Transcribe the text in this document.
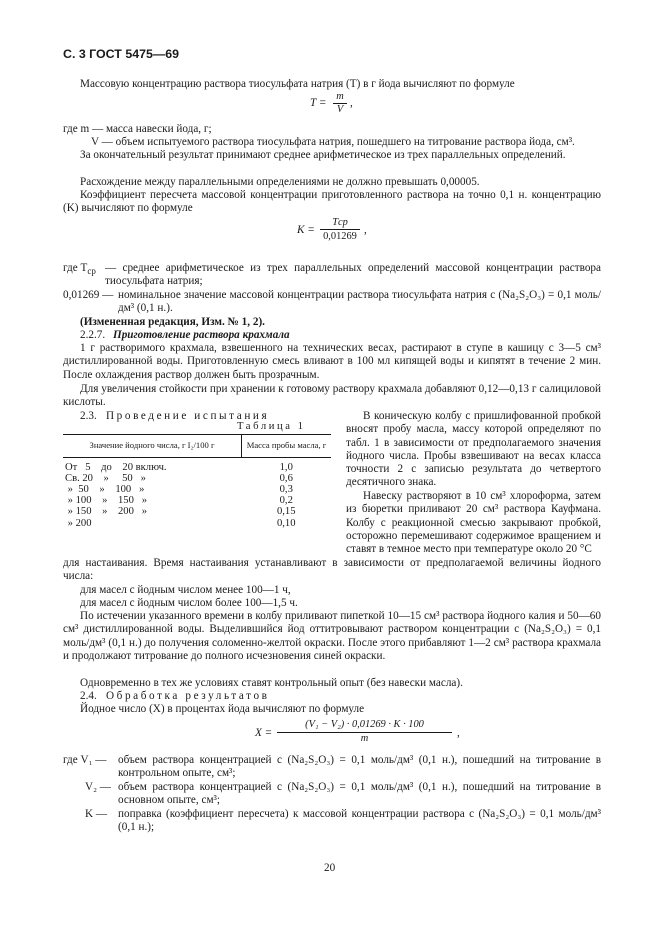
С. 3 ГОСТ 5475—69
Массовую концентрацию раствора тиосульфата натрия (T) в г йода вычисляют по формуле
T =
m
V
,
где m — масса навески йода, г;
V — объем испытуемого раствора тиосульфата натрия, пошедшего на титрование раствора йода, см³.
За окончательный результат принимают среднее арифметическое из трех параллельных определений.
Расхождение между параллельными определениями не должно превышать 0,00005.
Коэффициент пересчета массовой концентрации приготовленного раствора на точно 0,1 н. концентрацию (K) вычисляют по формуле
K =
Tср
0,01269
,
где $T_{ср}$ — среднее арифметическое из трех параллельных определений массовой концентрации раствора тиосульфата натрия;
0,01269 — номинальное значение массовой концентрации раствора тиосульфата натрия c (Na₂S₂O₃) = 0,1 моль/дм³ (0,1 н.).
(Измененная редакция, Изм. № 1, 2).
2.2.7. Приготовление раствора крахмала
1 г растворимого крахмала, взвешенного на технических весах, растирают в ступе в кашицу с 3—5 см³ дистиллированной воды. Приготовленную смесь вливают в 100 мл кипящей воды и кипятят в течение 2 мин. После охлаждения раствор должен быть прозрачным.
Для увеличения стойкости при хранении к готовому раствору крахмала добавляют 0,12—0,13 г салициловой кислоты.
2.3. Проведение испытания
Таблица 1
Значение йодного числа, г I₂/100 г	Масса пробы масла, г
От   5    до    20 включ.	1,0
Св. 20    »     50   »	0,6
»  50    »    100   »	0,3
» 100    »    150   »	0,2
» 150    »    200   »	0,15
» 200	0,10
В коническую колбу с пришлифованной пробкой вносят пробу масла, массу которой определяют по табл. 1 в зависимости от предполагаемого значения йодного числа. Пробы взвешивают на весах класса точности 2 с записью результата до четвертого десятичного знака.
Навеску растворяют в 10 см³ хлороформа, затем из бюретки приливают 20 см³ раствора Кауфмана. Колбу с реакционной смесью закрывают пробкой, осторожно перемешивают содержимое вращением и ставят в темное место при температуре около 20 °С
для настаивания. Время настаивания устанавливают в зависимости от предполагаемой величины йодного числа:
для масел с йодным числом менее 100—1 ч,
для масел с йодным числом более 100—1,5 ч.
По истечении указанного времени в колбу приливают пипеткой 10—15 см³ раствора йодного калия и 50—60 см³ дистиллированной воды. Выделившийся йод оттитровывают раствором концентрации c (Na₂S₂O₃) = 0,1 моль/дм³ (0,1 н.) до получения соломенно-желтой окраски. После этого прибавляют 1—2 см³ раствора крахмала и продолжают титрование до полного исчезновения синей окраски.
Одновременно в тех же условиях ставят контрольный опыт (без навески масла).
2.4. Обработка результатов
Йодное число (X) в процентах йода вычисляют по формуле
X =
(V₁ − V₂) · 0,01269 · K · 100
m	,
где V₁ — объем раствора концентрацией c (Na₂S₂O₃) = 0,1 моль/дм³ (0,1 н.), пошедший на титрование в контрольном опыте, см³;
V₂ — объем раствора концентрацией c (Na₂S₂O₃) = 0,1 моль/дм³ (0,1 н.), пошедший на титрование в основном опыте, см³;
K — поправка (коэффициент пересчета) к массовой концентрации раствора c (Na₂S₂O₃) = 0,1 моль/дм³ (0,1 н.);
20
